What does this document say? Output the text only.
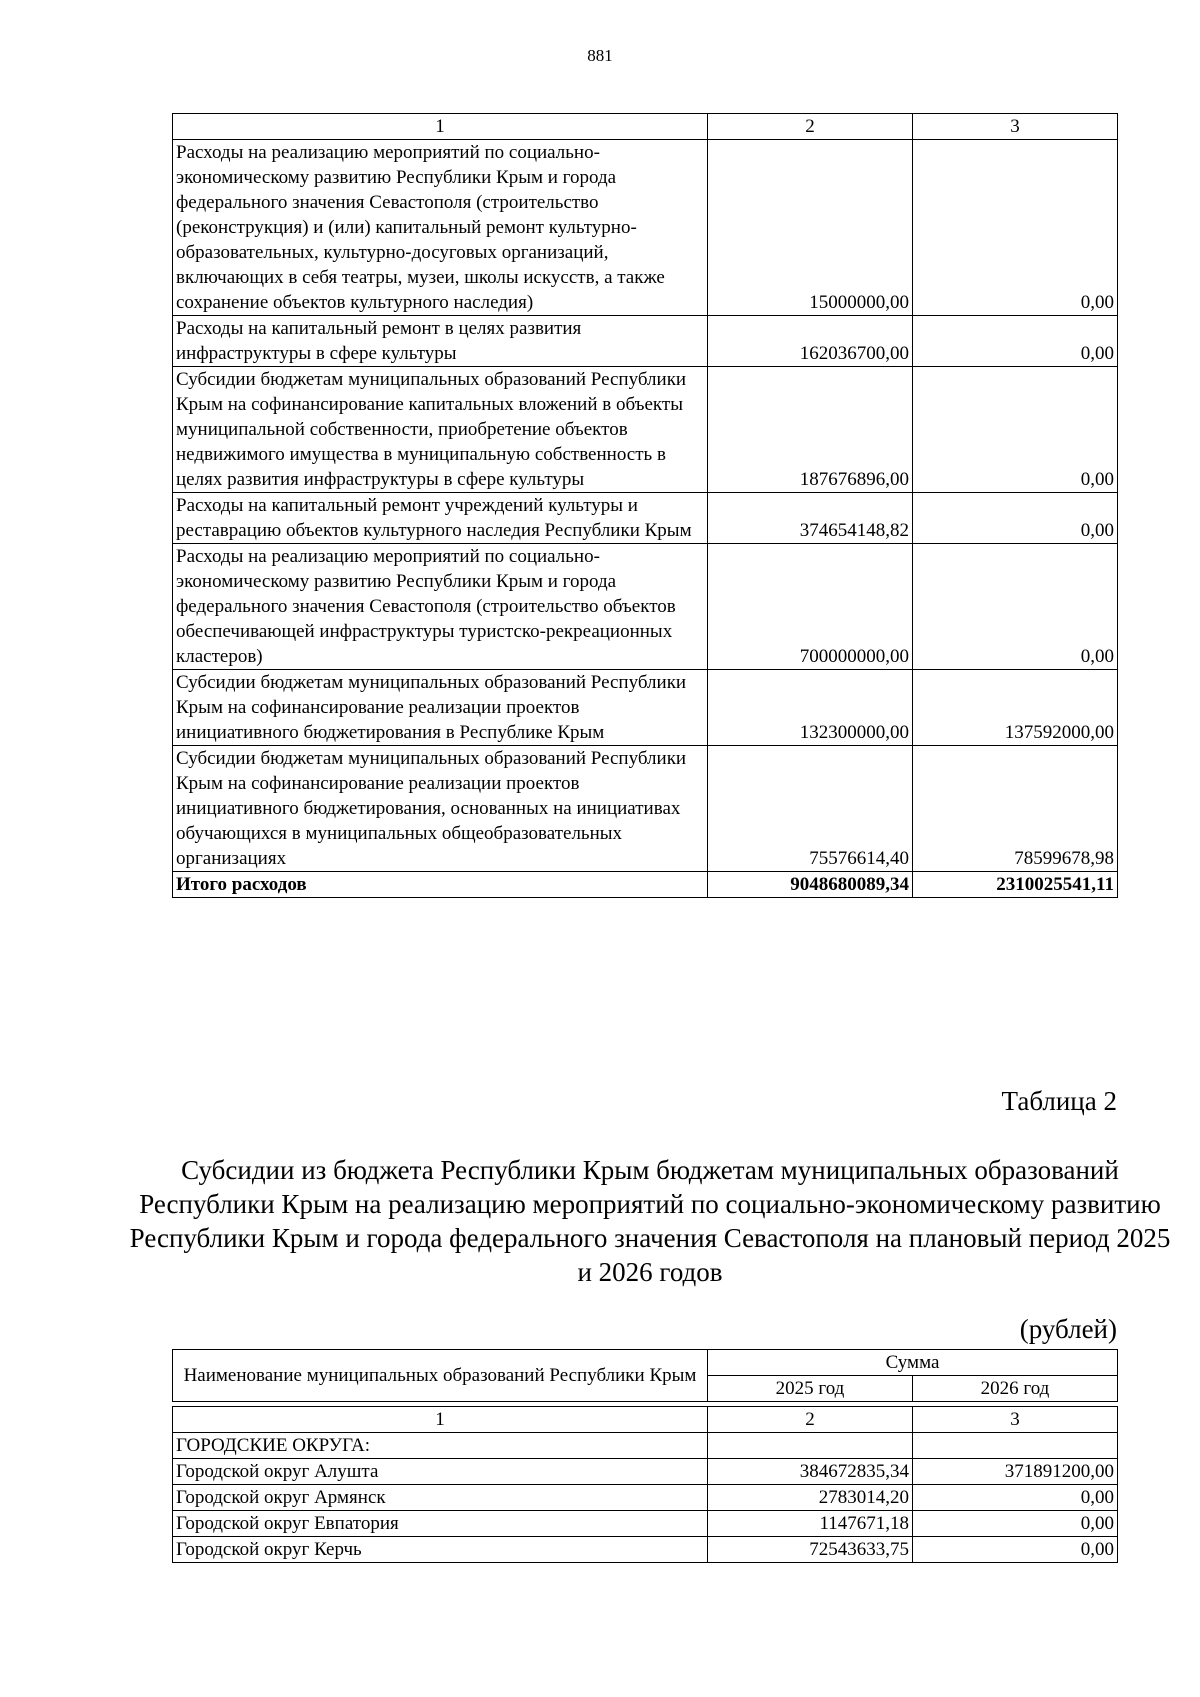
881
1	2	3
Расходы на реализацию мероприятий по социально-экономическому развитию Республики Крым и города федерального значения Севастополя (строительство (реконструкция) и (или) капитальный ремонт культурно-образовательных, культурно-досуговых организаций, включающих в себя театры, музеи, школы искусств, а также сохранение объектов культурного наследия)	15000000,00	0,00
Расходы на капитальный ремонт в целях развития инфраструктуры в сфере культуры	162036700,00	0,00
Субсидии бюджетам муниципальных образований Республики Крым на софинансирование капитальных вложений в объекты муниципальной собственности, приобретение объектов недвижимого имущества в муниципальную собственность в целях развития инфраструктуры в сфере культуры	187676896,00	0,00
Расходы на капитальный ремонт учреждений культуры и реставрацию объектов культурного наследия Республики Крым	374654148,82	0,00
Расходы на реализацию мероприятий по социально-экономическому развитию Республики Крым и города федерального значения Севастополя (строительство объектов обеспечивающей инфраструктуры туристско-рекреационных кластеров)	700000000,00	0,00
Субсидии бюджетам муниципальных образований Республики Крым на софинансирование реализации проектов инициативного бюджетирования в Республике Крым	132300000,00	137592000,00
Субсидии бюджетам муниципальных образований Республики Крым на софинансирование реализации проектов инициативного бюджетирования, основанных на инициативах обучающихся в муниципальных общеобразовательных организациях	75576614,40	78599678,98
Итого расходов	9048680089,34	2310025541,11
Таблица 2
Субсидии из бюджета Республики Крым бюджетам муниципальных образований Республики Крым на реализацию мероприятий по социально-экономическому развитию Республики Крым и города федерального значения Севастополя на плановый период 2025 и 2026 годов
(рублей)
Наименование муниципальных образований Республики Крым	Сумма	
	2025 год	2026 год
1	2	3
ГОРОДСКИЕ ОКРУГА:		
Городской округ Алушта	384672835,34	371891200,00
Городской округ Армянск	2783014,20	0,00
Городской округ Евпатория	1147671,18	0,00
Городской округ Керчь	72543633,75	0,00
